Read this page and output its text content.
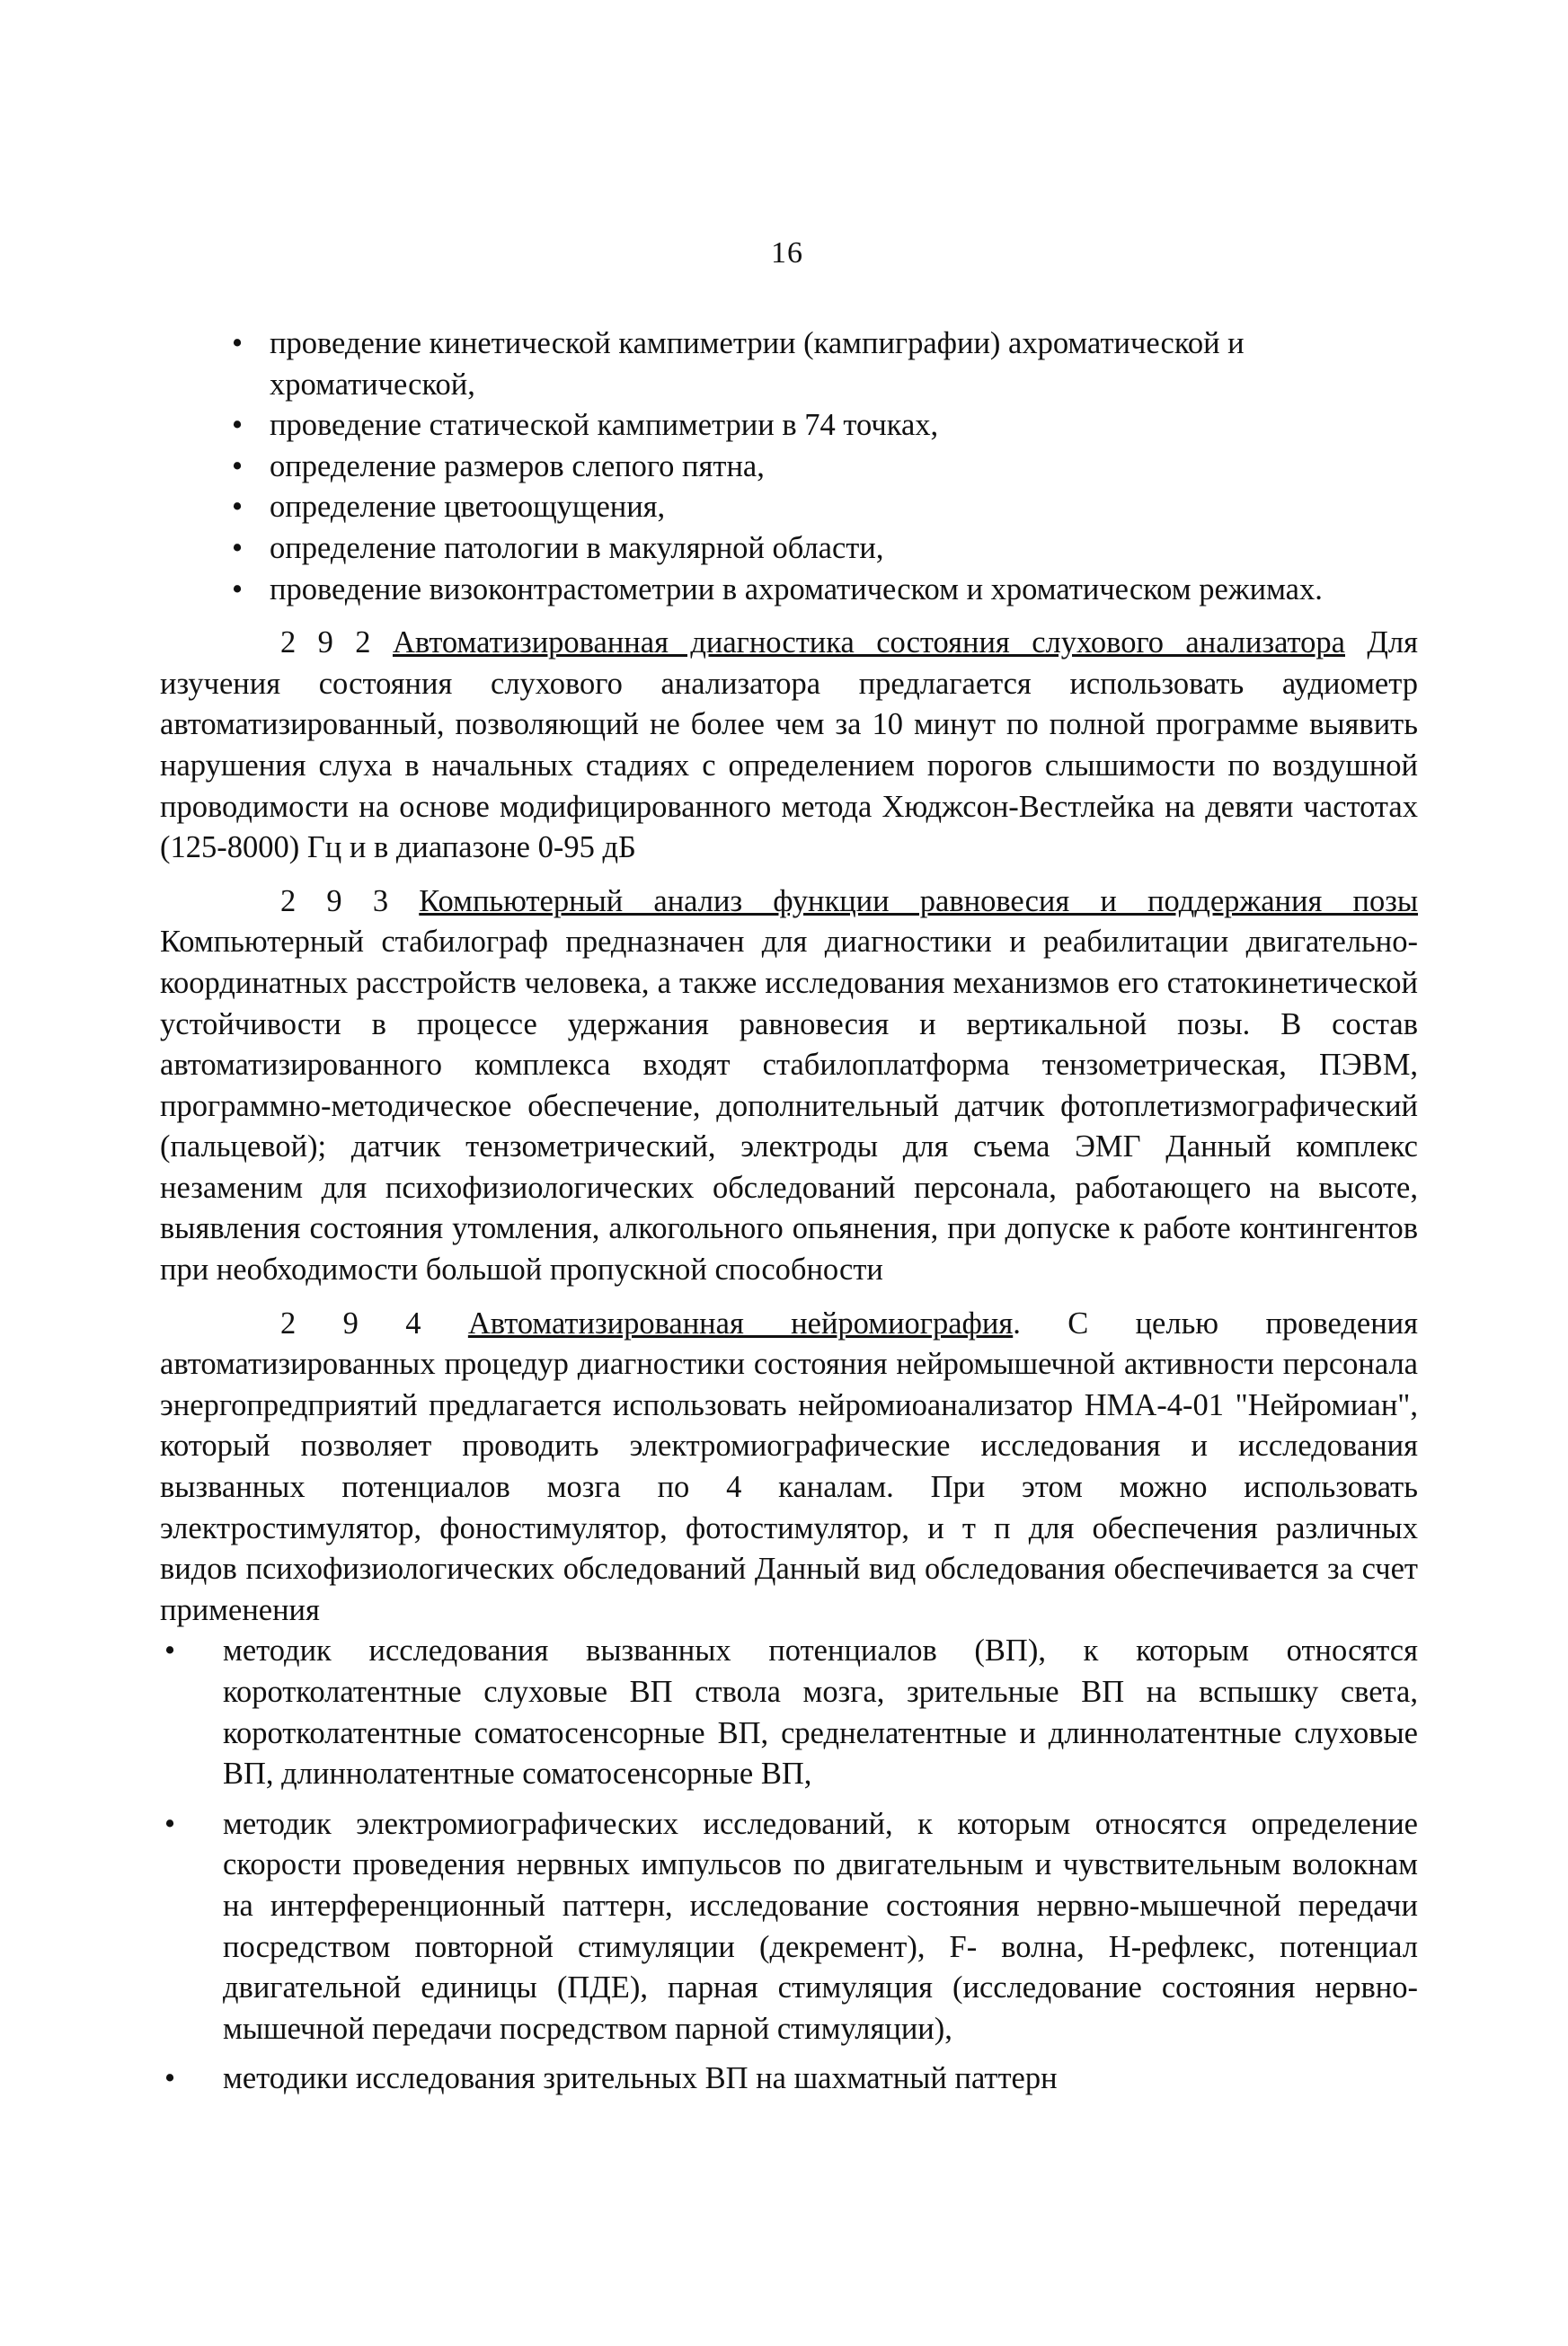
16
• проведение кинетической кампиметрии (кампиграфии) ахроматической и хроматической,
• проведение статической кампиметрии в 74 точках,
• определение размеров слепого пятна,
• определение цветоощущения,
• определение патологии в макулярной области,
• проведение визоконтрастометрии в ахроматическом и хроматическом режимах.

2 9 2 Автоматизированная диагностика состояния слухового анализатора Для изучения состояния слухового анализатора предлагается использовать аудиометр автоматизированный, позволяющий не более чем за 10 минут по полной программе выявить нарушения слуха в начальных стадиях с определением порогов слышимости по воздушной проводимости на основе модифицированного метода Хюджсон-Вестлейка на девяти частотах (125-8000) Гц и в диапазоне 0-95 дБ

2 9 3 Компьютерный анализ функции равновесия и поддержания позы Компьютерный стабилограф предназначен для диагностики и реабилитации двигательно-координатных расстройств человека, а также исследования механизмов его статокинетической устойчивости в процессе удержания равновесия и вертикальной позы. В состав автоматизированного комплекса входят стабилоплатформа тензометрическая, ПЭВМ, программно-методическое обеспечение, дополнительный датчик фотоплетизмографический (пальцевой); датчик тензометрический, электроды для съема ЭМГ Данный комплекс незаменим для психофизиологических обследований персонала, работающего на высоте, выявления состояния утомления, алкогольного опьянения, при допуске к работе контингентов при необходимости большой пропускной способности

2 9 4 Автоматизированная нейромиография. С целью проведения автоматизированных процедур диагностики состояния нейромышечной активности персонала энергопредприятий предлагается использовать нейромиоанализатор НМА-4-01 "Нейромиан", который позволяет проводить электромиографические исследования и исследования вызванных потенциалов мозга по 4 каналам. При этом можно использовать электростимулятор, фоностимулятор, фотостимулятор, и т п для обеспечения различных видов психофизиологических обследований Данный вид обследования обеспечивается за счет применения

• методик исследования вызванных потенциалов (ВП), к которым относятся коротколатентные слуховые ВП ствола мозга, зрительные ВП на вспышку света, коротколатентные соматосенсорные ВП, среднелатентные и длиннолатентные слуховые ВП, длиннолатентные соматосенсорные ВП,
• методик электромиографических исследований, к которым относятся определение скорости проведения нервных импульсов по двигательным и чувствительным волокнам на интерференционный паттерн, исследование состояния нервно-мышечной передачи посредством повторной стимуляции (декремент), F- волна, Н-рефлекс, потенциал двигательной единицы (ПДЕ), парная стимуляция (исследование состояния нервно-мышечной передачи посредством парной стимуляции),
• методики исследования зрительных ВП на шахматный паттерн
